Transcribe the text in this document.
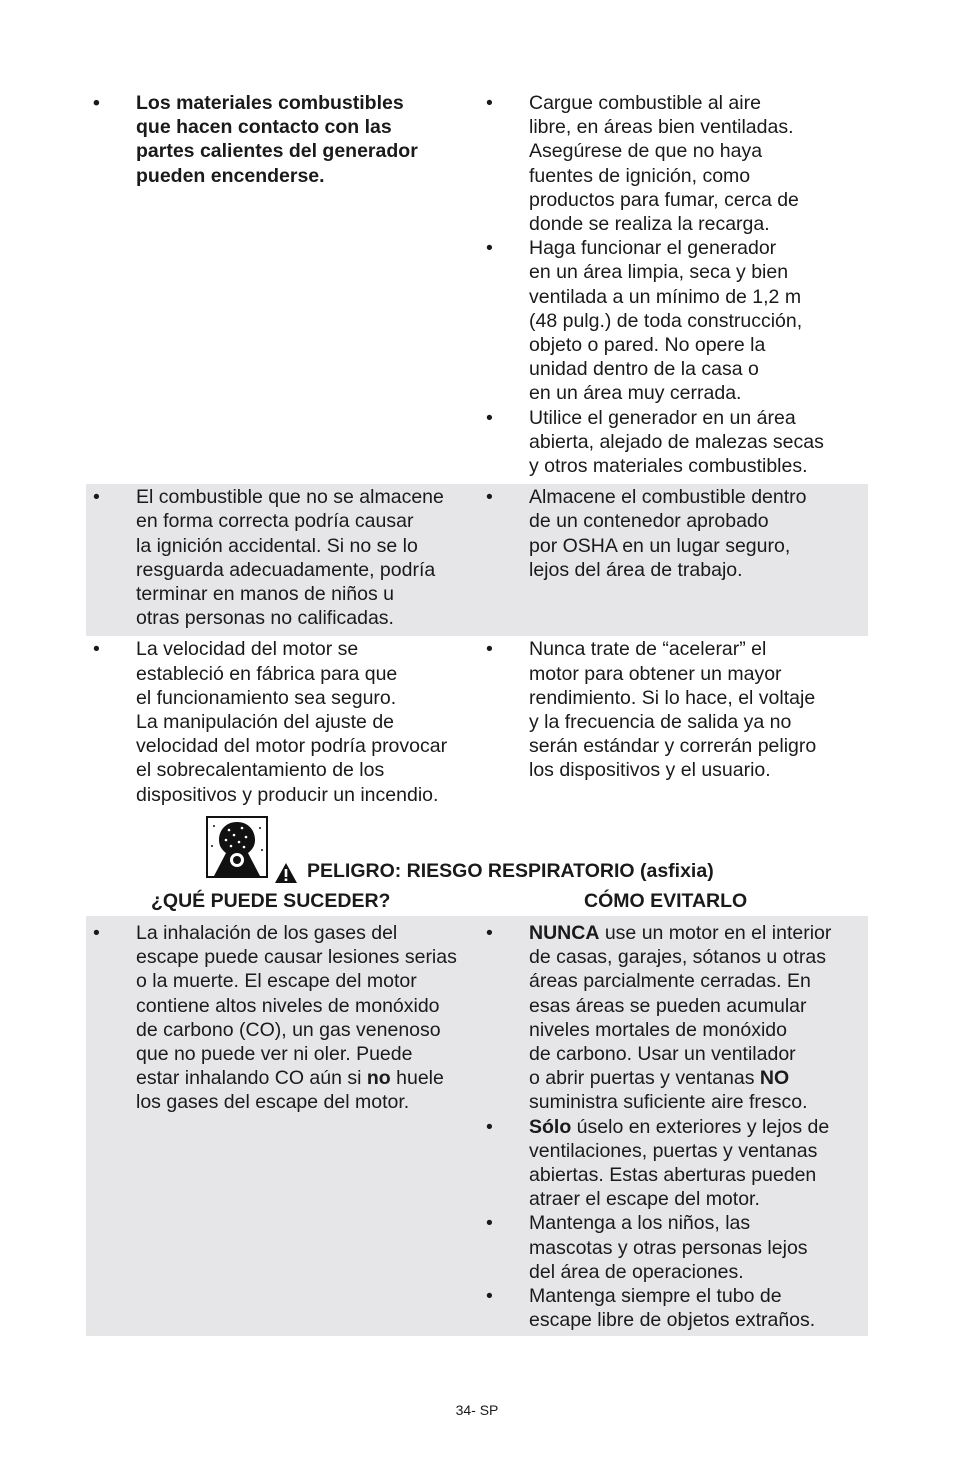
• Los materiales combustibles
que hacen contacto con las
partes calientes del generador
pueden encenderse.
• Cargue combustible al aire
libre, en áreas bien ventiladas.
Asegúrese de que no haya
fuentes de ignición, como
productos para fumar, cerca de
donde se realiza la recarga.
• Haga funcionar el generador
en un área limpia, seca y bien
ventilada a un mínimo de 1,2 m
(48 pulg.) de toda construcción,
objeto o pared. No opere la
unidad dentro de la casa o
en un área muy cerrada.
• Utilice el generador en un área
abierta, alejado de malezas secas
y otros materiales combustibles.
• El combustible que no se almacene
en forma correcta podría causar
la ignición accidental. Si no se lo
resguarda adecuadamente, podría
terminar en manos de niños u
otras personas no calificadas.
• Almacene el combustible dentro
de un contenedor aprobado
por OSHA en un lugar seguro,
lejos del área de trabajo.
• La velocidad del motor se
estableció en fábrica para que
el funcionamiento sea seguro.
La manipulación del ajuste de
velocidad del motor podría provocar
el sobrecalentamiento de los
dispositivos y producir un incendio.
• Nunca trate de “acelerar” el
motor para obtener un mayor
rendimiento. Si lo hace, el voltaje
y la frecuencia de salida ya no
serán estándar y correrán peligro
los dispositivos y el usuario.
PELIGRO: RIESGO RESPIRATORIO (asfixia)
¿QUÉ PUEDE SUCEDER?	CÓMO EVITARLO
• La inhalación de los gases del
escape puede causar lesiones serias
o la muerte. El escape del motor
contiene altos niveles de monóxido
de carbono (CO), un gas venenoso
que no puede ver ni oler. Puede
estar inhalando CO aún si no huele
los gases del escape del motor.
• NUNCA use un motor en el interior
de casas, garajes, sótanos u otras
áreas parcialmente cerradas. En
esas áreas se pueden acumular
niveles mortales de monóxido
de carbono. Usar un ventilador
o abrir puertas y ventanas NO
suministra suficiente aire fresco.
• Sólo úselo en exteriores y lejos de
ventilaciones, puertas y ventanas
abiertas. Estas aberturas pueden
atraer el escape del motor.
• Mantenga a los niños, las
mascotas y otras personas lejos
del área de operaciones.
• Mantenga siempre el tubo de
escape libre de objetos extraños.
34- SP
